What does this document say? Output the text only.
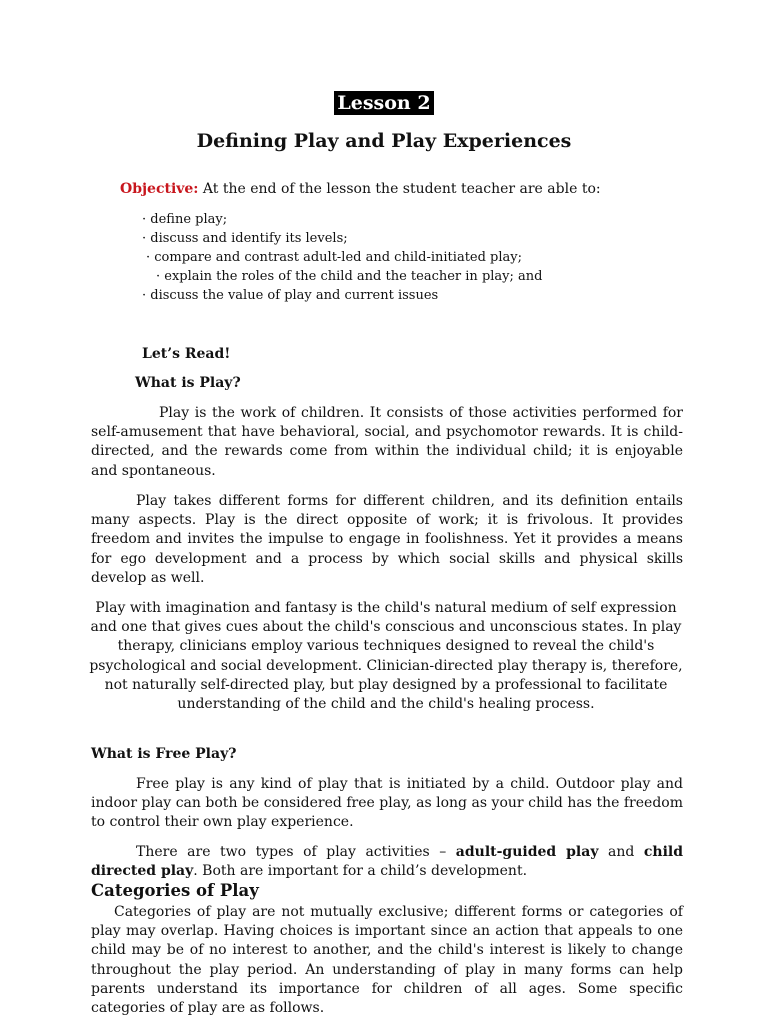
Lesson 2
Defining Play and Play Experiences
Objective: At the end of the lesson the student teacher are able to:
· define play;
· discuss and identify its levels;
· compare and contrast adult-led and child-initiated play;
· explain the roles of the child and the teacher in play; and
· discuss the value of play and current issues
Let’s Read!
What is Play?

Play is the work of children. It consists of those activities performed for self-amusement that have behavioral, social, and psychomotor rewards. It is child-directed, and the rewards come from within the individual child; it is enjoyable and spontaneous.

Play takes different forms for different children, and its definition entails many aspects. Play is the direct opposite of work; it is frivolous. It provides freedom and invites the impulse to engage in foolishness. Yet it provides a means for ego development and a process by which social skills and physical skills develop as well.

Play with imagination and fantasy is the child's natural medium of self expression and one that gives cues about the child's conscious and unconscious states. In play therapy, clinicians employ various techniques designed to reveal the child's psychological and social development. Clinician-directed play therapy is, therefore, not naturally self-directed play, but play designed by a professional to facilitate understanding of the child and the child's healing process.

What is Free Play?

Free play is any kind of play that is initiated by a child. Outdoor play and indoor play can both be considered free play, as long as your child has the freedom to control their own play experience.

There are two types of play activities – adult-guided play and child directed play. Both are important for a child’s development.

Categories of Play

Categories of play are not mutually exclusive; different forms or categories of play may overlap. Having choices is important since an action that appeals to one child may be of no interest to another, and the child's interest is likely to change throughout the play period. An understanding of play in many forms can help parents understand its importance for children of all ages. Some specific categories of play are as follows.
